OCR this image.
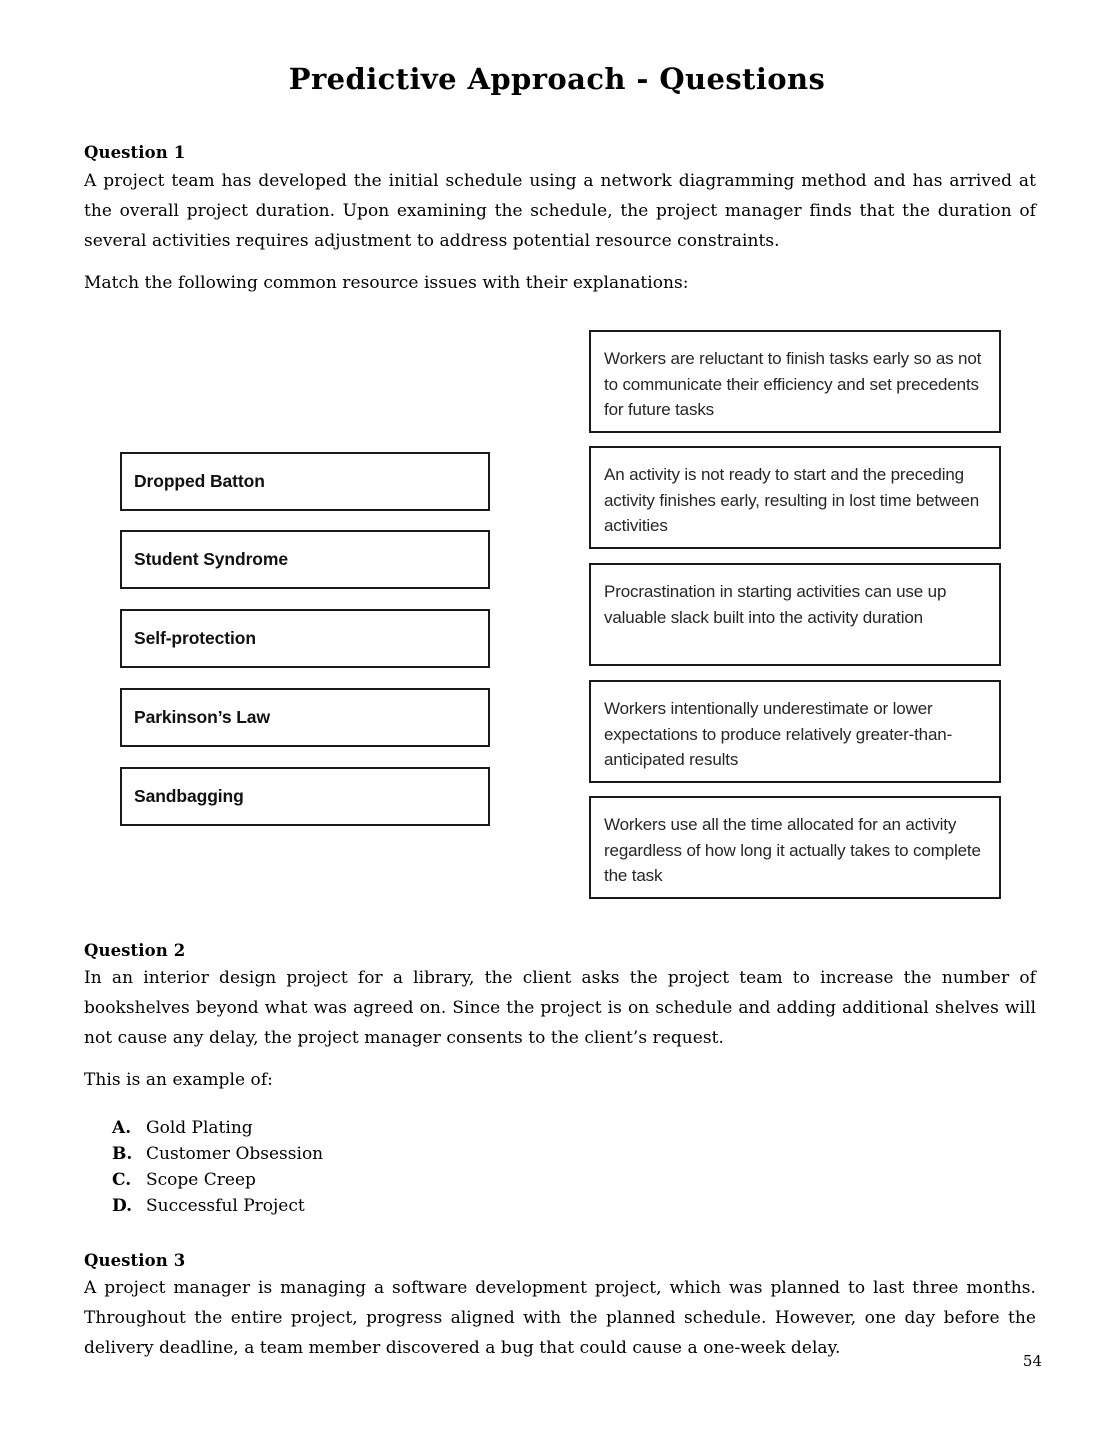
Predictive Approach - Questions
Question 1
A project team has developed the initial schedule using a network diagramming method and has arrived at the overall project duration. Upon examining the schedule, the project manager finds that the duration of several activities requires adjustment to address potential resource constraints.
Match the following common resource issues with their explanations:
Dropped Batton
Student Syndrome
Self-protection
Parkinson’s Law
Sandbagging
Workers are reluctant to finish tasks early so as not to communicate their efficiency and set precedents for future tasks
An activity is not ready to start and the preceding activity finishes early, resulting in lost time between activities
Procrastination in starting activities can use up valuable slack built into the activity duration
Workers intentionally underestimate or lower expectations to produce relatively greater-than-anticipated results
Workers use all the time allocated for an activity regardless of how long it actually takes to complete the task
Question 2
In an interior design project for a library, the client asks the project team to increase the number of bookshelves beyond what was agreed on. Since the project is on schedule and adding additional shelves will not cause any delay, the project manager consents to the client’s request.
This is an example of:
A. Gold Plating
B. Customer Obsession
C. Scope Creep
D. Successful Project
Question 3
A project manager is managing a software development project, which was planned to last three months. Throughout the entire project, progress aligned with the planned schedule. However, one day before the delivery deadline, a team member discovered a bug that could cause a one-week delay.
54
